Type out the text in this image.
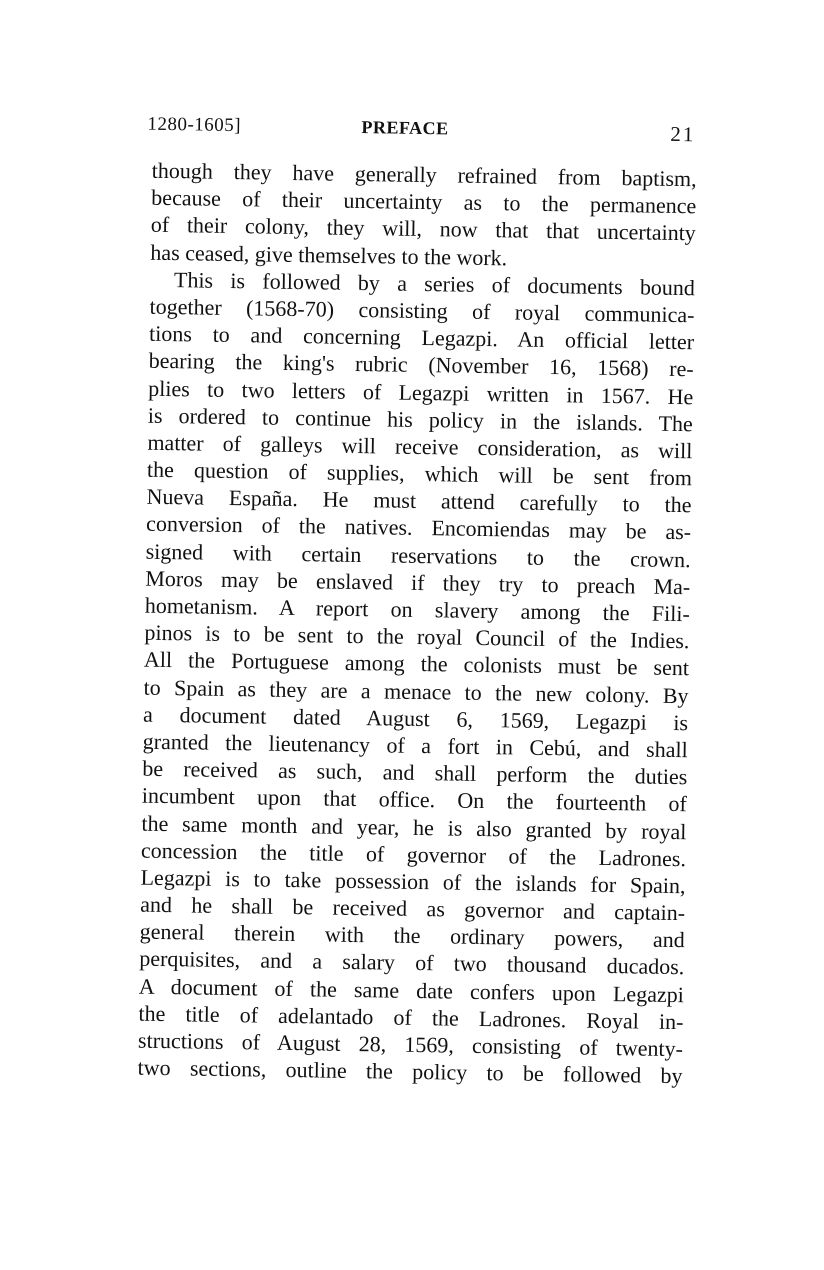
1280-1605]	PREFACE	21
though they have generally refrained from baptism,
because of their uncertainty as to the permanence
of their colony, they will, now that that uncertainty
has ceased, give themselves to the work.
This is followed by a series of documents bound
together (1568-70) consisting of royal communica-
tions to and concerning Legazpi. An official letter
bearing the king's rubric (November 16, 1568) re-
plies to two letters of Legazpi written in 1567. He
is ordered to continue his policy in the islands. The
matter of galleys will receive consideration, as will
the question of supplies, which will be sent from
Nueva España. He must attend carefully to the
conversion of the natives. Encomiendas may be as-
signed with certain reservations to the crown.
Moros may be enslaved if they try to preach Ma-
hometanism. A report on slavery among the Fili-
pinos is to be sent to the royal Council of the Indies.
All the Portuguese among the colonists must be sent
to Spain as they are a menace to the new colony. By
a document dated August 6, 1569, Legazpi is
granted the lieutenancy of a fort in Cebú, and shall
be received as such, and shall perform the duties
incumbent upon that office. On the fourteenth of
the same month and year, he is also granted by royal
concession the title of governor of the Ladrones.
Legazpi is to take possession of the islands for Spain,
and he shall be received as governor and captain-
general therein with the ordinary powers, and
perquisites, and a salary of two thousand ducados.
A document of the same date confers upon Legazpi
the title of adelantado of the Ladrones. Royal in-
structions of August 28, 1569, consisting of twenty-
two sections, outline the policy to be followed by
